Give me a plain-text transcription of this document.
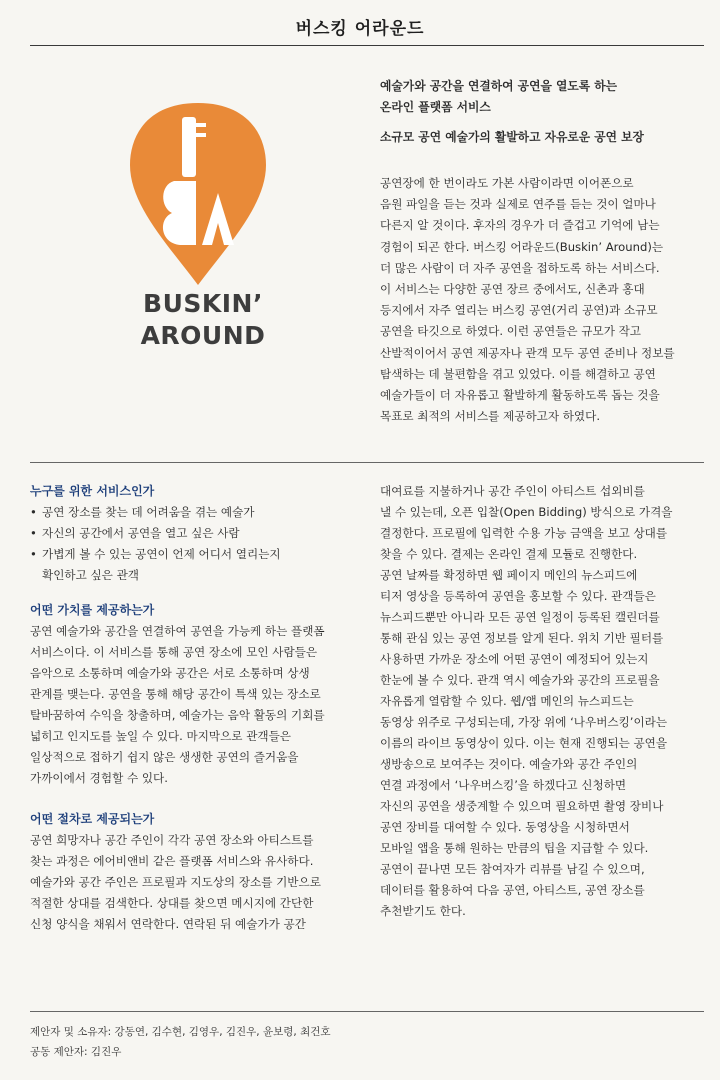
버스킹 어라운드
BUSKIN’
AROUND
예술가와 공간을 연결하여 공연을 열도록 하는
온라인 플랫폼 서비스
소규모 공연 예술가의 활발하고 자유로운 공연 보장
공연장에 한 번이라도 가본 사람이라면 이어폰으로
음원 파일을 듣는 것과 실제로 연주를 듣는 것이 얼마나
다른지 알 것이다. 후자의 경우가 더 즐겁고 기억에 남는
경험이 되곤 한다. 버스킹 어라운드(Buskin’ Around)는
더 많은 사람이 더 자주 공연을 접하도록 하는 서비스다.
이 서비스는 다양한 공연 장르 중에서도, 신촌과 홍대
등지에서 자주 열리는 버스킹 공연(거리 공연)과 소규모
공연을 타깃으로 하였다. 이런 공연들은 규모가 작고
산발적이어서 공연 제공자나 관객 모두 공연 준비나 정보를
탐색하는 데 불편함을 겪고 있었다. 이를 해결하고 공연
예술가들이 더 자유롭고 활발하게 활동하도록 돕는 것을
목표로 최적의 서비스를 제공하고자 하였다.

누구를 위한 서비스인가

• 공연 장소를 찾는 데 어려움을 겪는 예술가
• 자신의 공간에서 공연을 열고 싶은 사람
• 가볍게 볼 수 있는 공연이 언제 어디서 열리는지
확인하고 싶은 관객

어떤 가치를 제공하는가

공연 예술가와 공간을 연결하여 공연을 가능케 하는 플랫폼
서비스이다. 이 서비스를 통해 공연 장소에 모인 사람들은
음악으로 소통하며 예술가와 공간은 서로 소통하며 상생
관계를 맺는다. 공연을 통해 해당 공간이 특색 있는 장소로
탈바꿈하여 수익을 창출하며, 예술가는 음악 활동의 기회를
넓히고 인지도를 높일 수 있다. 마지막으로 관객들은
일상적으로 접하기 쉽지 않은 생생한 공연의 즐거움을
가까이에서 경험할 수 있다.

어떤 절차로 제공되는가

공연 희망자나 공간 주인이 각각 공연 장소와 아티스트를
찾는 과정은 에어비앤비 같은 플랫폼 서비스와 유사하다.
예술가와 공간 주인은 프로필과 지도상의 장소를 기반으로
적절한 상대를 검색한다. 상대를 찾으면 메시지에 간단한
신청 양식을 채워서 연락한다. 연락된 뒤 예술가가 공간
대여료를 지불하거나 공간 주인이 아티스트 섭외비를
낼 수 있는데, 오픈 입찰(Open Bidding) 방식으로 가격을
결정한다. 프로필에 입력한 수용 가능 금액을 보고 상대를
찾을 수 있다. 결제는 온라인 결제 모듈로 진행한다.
공연 날짜를 확정하면 웹 페이지 메인의 뉴스피드에
티저 영상을 등록하여 공연을 홍보할 수 있다. 관객들은
뉴스피드뿐만 아니라 모든 공연 일정이 등록된 캘린더를
통해 관심 있는 공연 정보를 알게 된다. 위치 기반 필터를
사용하면 가까운 장소에 어떤 공연이 예정되어 있는지
한눈에 볼 수 있다. 관객 역시 예술가와 공간의 프로필을
자유롭게 열람할 수 있다. 웹/앱 메인의 뉴스피드는
동영상 위주로 구성되는데, 가장 위에 ‘나우버스킹’이라는
이름의 라이브 동영상이 있다. 이는 현재 진행되는 공연을
생방송으로 보여주는 것이다. 예술가와 공간 주인의
연결 과정에서 ‘나우버스킹’을 하겠다고 신청하면
자신의 공연을 생중계할 수 있으며 필요하면 촬영 장비나
공연 장비를 대여할 수 있다. 동영상을 시청하면서
모바일 앱을 통해 원하는 만큼의 팁을 지급할 수 있다.
공연이 끝나면 모든 참여자가 리뷰를 남길 수 있으며,
데이터를 활용하여 다음 공연, 아티스트, 공연 장소를
추천받기도 한다.
제안자 및 소유자: 강동연, 김수현, 김영우, 김진우, 윤보령, 최건호
공동 제안자: 김진우
